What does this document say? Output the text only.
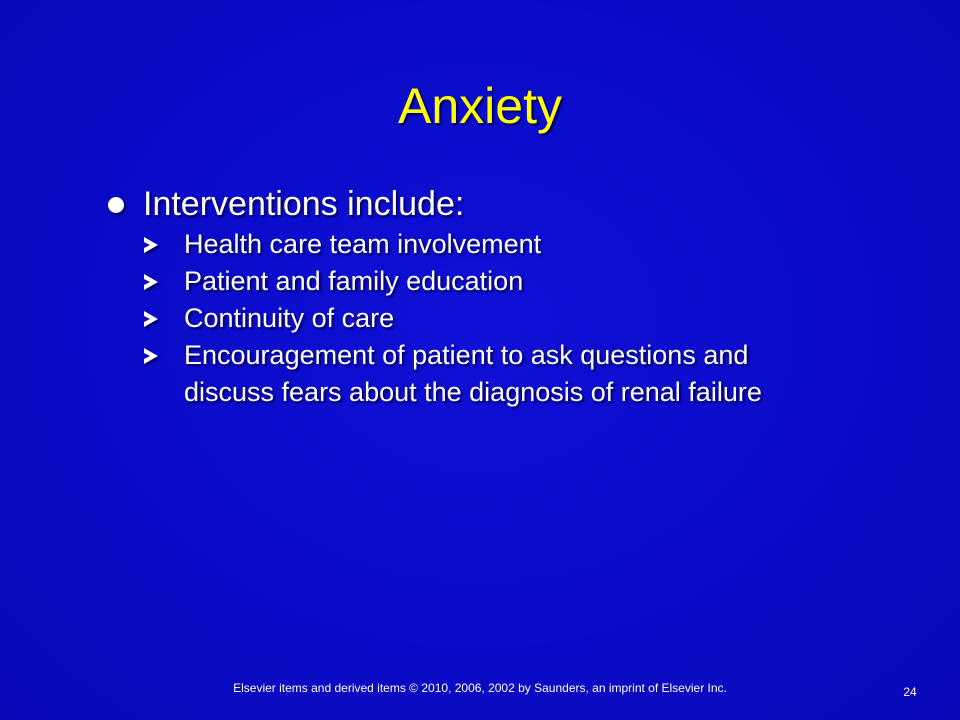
Anxiety
Interventions include:
Health care team involvement
Patient and family education
Continuity of care
Encouragement of patient to ask questions and discuss fears about the diagnosis of renal failure
Elsevier items and derived items © 2010, 2006, 2002 by Saunders, an imprint of Elsevier Inc.	24
